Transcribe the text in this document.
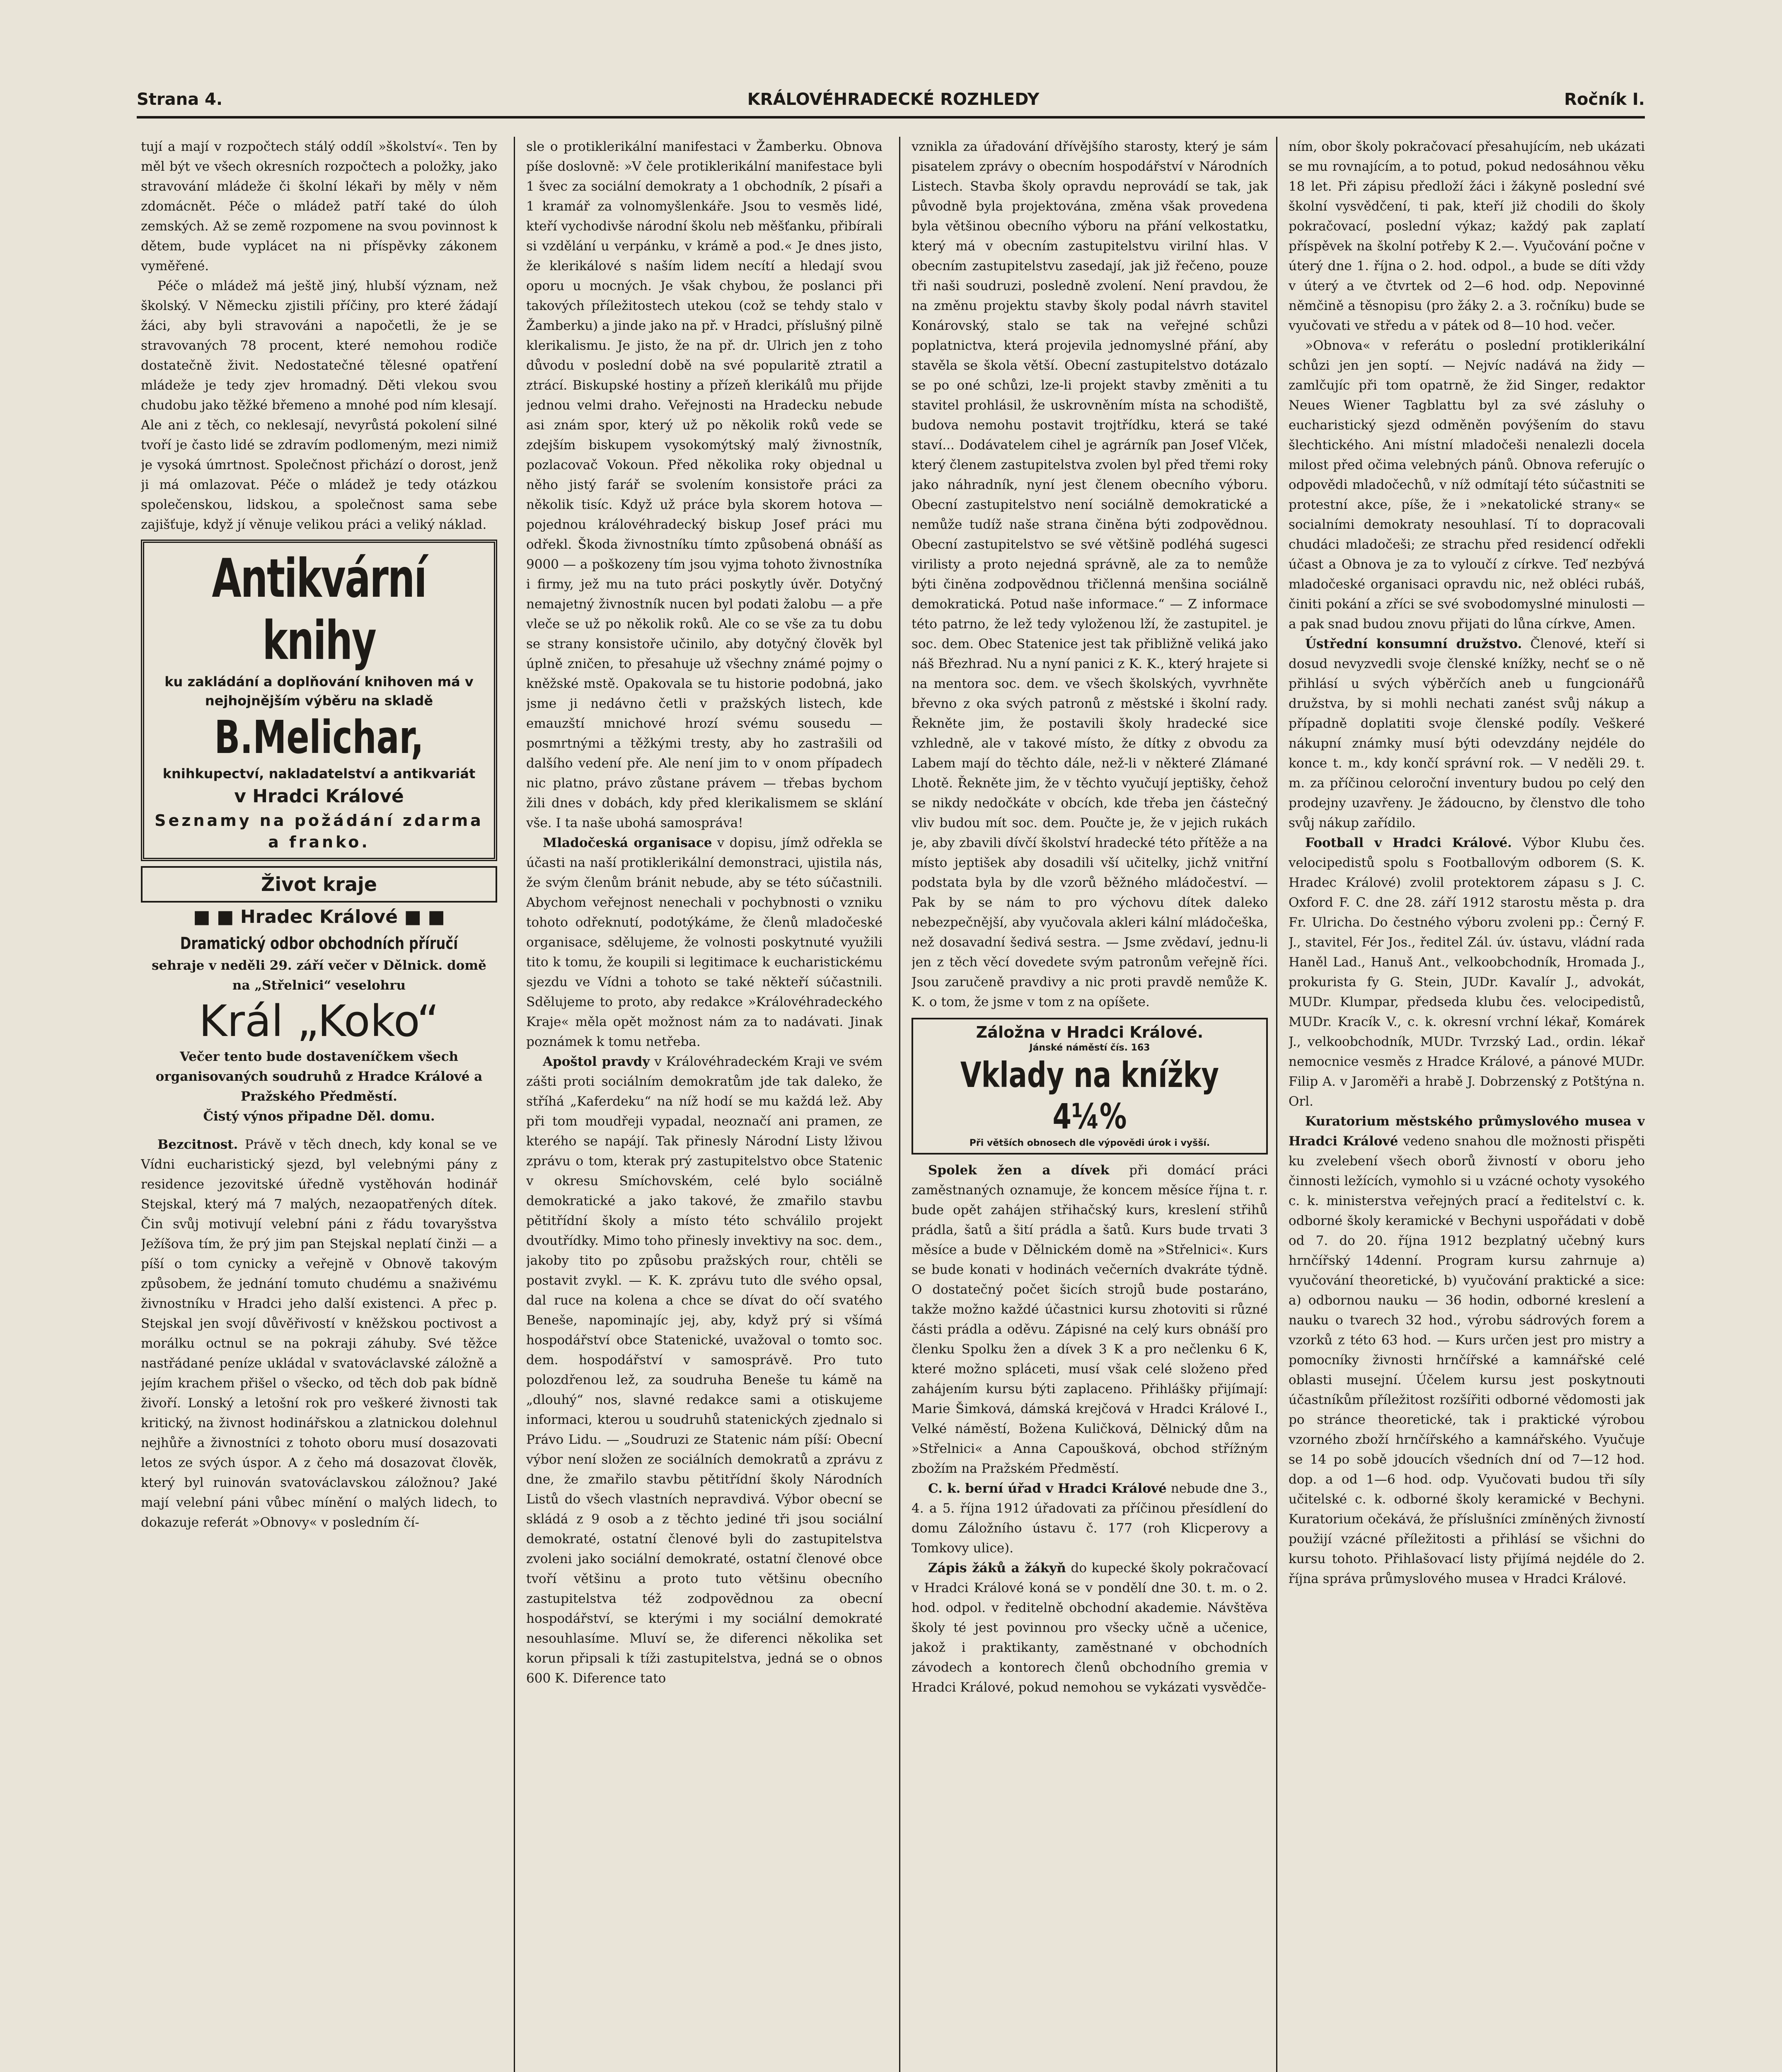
Strana 4.	KRÁLOVÉHRADECKÉ ROZHLEDY	Ročník I.

tují a mají v rozpočtech stálý oddíl »školství«. Ten by měl být ve všech okresních rozpočtech a položky, jako stravování mládeže či školní lékaři by měly v něm zdomácnět. Péče o mládež patří také do úloh zemských. Až se země rozpomene na svou povinnost k dětem, bude vyplácet na ni příspěvky zákonem vyměřené.

Péče o mládež má ještě jiný, hlubší význam, než školský. V Německu zjistili příčiny, pro které žádají žáci, aby byli stravováni a napočetli, že je se stravovaných 78 procent, které nemohou rodiče dostatečně živit. Nedostatečné tělesné opatření mládeže je tedy zjev hromadný. Děti vlekou svou chudobu jako těžké břemeno a mnohé pod ním klesají. Ale ani z těch, co neklesají, nevyrůstá pokolení silné tvoří je často lidé se zdravím podlomeným, mezi nimiž je vysoká úmrtnost. Společnost přichází o dorost, jenž ji má omlazovat. Péče o mládež je tedy otázkou společenskou, lidskou, a společnost sama sebe zajišťuje, když jí věnuje velikou práci a veliký náklad.

Antikvární
knihy
ku zakládání a doplňování knihoven má v nejhojnějším výběru na skladě
B.Melichar,
knihkupectví, nakladatelství a antikvariát
v Hradci Králové
Seznamy na požádání zdarma a franko.
Život kraje
■ ■ Hradec Králové ■ ■
Dramatický odbor obchodních příručí
sehraje v neděli 29. září večer v Dělnick. domě na „Střelnici“ veselohru
Král „Koko“
Večer tento bude dostaveníčkem všech organisovaných soudruhů z Hradce Králové a Pražského Předměstí.
Čistý výnos připadne Děl. domu.

Bezcitnost. Právě v těch dnech, kdy konal se ve Vídni eucharistický sjezd, byl velebnými pány z residence jezovitské úředně vystěhován hodinář Stejskal, který má 7 malých, nezaopatřených dítek. Čin svůj motivují velební páni z řádu tovaryšstva Ježíšova tím, že prý jim pan Stejskal neplatí činži — a píší o tom cynicky a veřejně v Obnově takovým způsobem, že jednání tomuto chudému a snaživému živnostníku v Hradci jeho další existenci. A přec p. Stejskal jen svojí důvěřivostí v kněžskou poctivost a morálku octnul se na pokraji záhuby. Své těžce nastřádané peníze ukládal v svatováclavské záložně a jejím krachem přišel o všecko, od těch dob pak bídně živoří. Lonský a letošní rok pro veškeré živnosti tak kritický, na živnost hodinářskou a zlatnickou dolehnul nejhůře a živnostníci z tohoto oboru musí dosazovati letos ze svých úspor. A z čeho má dosazovat člověk, který byl ruinován svatováclavskou záložnou? Jaké mají velební páni vůbec mínění o malých lidech, to dokazuje referát »Obnovy« v posledním čí-

sle o protiklerikální manifestaci v Žamberku. Obnova píše doslovně: »V čele protiklerikální manifestace byli 1 švec za sociální demokraty a 1 obchodník, 2 písaři a 1 kramář za volnomyšlenkáře. Jsou to vesměs lidé, kteří vychodivše národní školu neb měšťanku, přibírali si vzdělání u verpánku, v krámě a pod.« Je dnes jisto, že klerikálové s naším lidem necítí a hledají svou oporu u mocných. Je však chybou, že poslanci při takových příležitostech utekou (což se tehdy stalo v Žamberku) a jinde jako na př. v Hradci, příslušný pilně klerikalismu. Je jisto, že na př. dr. Ulrich jen z toho důvodu v poslední době na své popularitě ztratil a ztrácí. Biskupské hostiny a přízeň klerikálů mu přijde jednou velmi draho. Veřejnosti na Hradecku nebude asi znám spor, který už po několik roků vede se zdejším biskupem vysokomýtský malý živnostník, pozlacovač Vokoun. Před několika roky objednal u něho jistý farář se svolením konsistoře práci za několik tisíc. Když už práce byla skorem hotova — pojednou královéhradecký biskup Josef práci mu odřekl. Škoda živnostníku tímto způsobená obnáší as 9000 — a poškozeny tím jsou vyjma tohoto živnostníka i firmy, jež mu na tuto práci poskytly úvěr. Dotyčný nemajetný živnostník nucen byl podati žalobu — a pře vleče se už po několik roků. Ale co se vše za tu dobu se strany konsistoře učinilo, aby dotyčný člověk byl úplně zničen, to přesahuje už všechny známé pojmy o kněžské mstě. Opakovala se tu historie podobná, jako jsme ji nedávno četli v pražských listech, kde emauzští mnichové hrozí svému sousedu — posmrtnými a těžkými tresty, aby ho zastrašili od dalšího vedení pře. Ale není jim to v onom případech nic platno, právo zůstane právem — třebas bychom žili dnes v dobách, kdy před klerikalismem se sklání vše. I ta naše ubohá samospráva!

Mladočeská organisace v dopisu, jímž odřekla se účasti na naší protiklerikální demonstraci, ujistila nás, že svým členům bránit nebude, aby se této súčastnili. Abychom veřejnost nenechali v pochybnosti o vzniku tohoto odřeknutí, podotýkáme, že členů mladočeské organisace, sdělujeme, že volnosti poskytnuté využili tito k tomu, že koupili si legitimace k eucharistickému sjezdu ve Vídni a tohoto se také někteří súčastnili. Sdělujeme to proto, aby redakce »Královéhradeckého Kraje« měla opět možnost nám za to nadávati. Jinak poznámek k tomu netřeba.

Apoštol pravdy v Královéhradeckém Kraji ve svém zášti proti sociálním demokratům jde tak daleko, že stříhá „Kaferdeku“ na níž hodí se mu každá lež. Aby při tom moudřeji vypadal, neoznačí ani pramen, ze kterého se napájí. Tak přinesly Národní Listy lživou zprávu o tom, kterak prý zastupitelstvo obce Statenic v okresu Smíchovském, celé bylo sociálně demokratické a jako takové, že zmařilo stavbu pětitřídní školy a místo této schválilo projekt dvoutřídky. Mimo toho přinesly invektivy na soc. dem., jakoby tito po způsobu pražských rour, chtěli se postavit zvykl. — K. K. zprávu tuto dle svého opsal, dal ruce na kolena a chce se dívat do očí svatého Beneše, napominajíc jej, aby, když prý si všímá hospodářství obce Statenické, uvažoval o tomto soc. dem. hospodářství v samosprávě. Pro tuto polozdřenou lež, za soudruha Beneše tu kámě na „dlouhý“ nos, slavné redakce sami a otiskujeme informaci, kterou u soudruhů statenických zjednalo si Právo Lidu. — „Soudruzi ze Statenic nám píší: Obecní výbor není složen ze sociálních demokratů a zprávu z dne, že zmařilo stavbu pětitřídní školy Národních Listů do všech vlastních nepravdivá. Výbor obecní se skládá z 9 osob a z těchto jediné tři jsou sociální demokraté, ostatní členové byli do zastupitelstva zvoleni jako sociální demokraté, ostatní členové obce tvoří většinu a proto tuto většinu obecního zastupitelstva též zodpovědnou za obecní hospodářství, se kterými i my sociální demokraté nesouhlasíme. Mluví se, že diferenci několika set korun připsali k tíži zastupitelstva, jedná se o obnos 600 K. Diference tato

vznikla za úřadování dřívějšího starosty, který je sám pisatelem zprávy o obecním hospodářství v Národních Listech. Stavba školy opravdu neprovádí se tak, jak původně byla projektována, změna však provedena byla většinou obecního výboru na přání velkostatku, který má v obecním zastupitelstvu virilní hlas. V obecním zastupitelstvu zasedají, jak již řečeno, pouze tři naši soudruzi, posledně zvolení. Není pravdou, že na změnu projektu stavby školy podal návrh stavitel Konárovský, stalo se tak na veřejné schůzi poplatnictva, která projevila jednomyslné přání, aby stavěla se škola větší. Obecní zastupitelstvo dotázalo se po oné schůzi, lze-li projekt stavby změniti a tu stavitel prohlásil, že uskrovněním místa na schodiště, budova nemohu postavit trojtřídku, která se také staví... Dodávatelem cihel je agrárník pan Josef Vlček, který členem zastupitelstva zvolen byl před třemi roky jako náhradník, nyní jest členem obecního výboru. Obecní zastupitelstvo není sociálně demokratické a nemůže tudíž naše strana činěna býti zodpovědnou. Obecní zastupitelstvo se své většině podléhá sugesci virilisty a proto nejedná správně, ale za to nemůže býti činěna zodpovědnou třičlenná menšina sociálně demokratická. Potud naše informace.“ — Z informace této patrno, že lež tedy vyloženou lží, že zastupitel. je soc. dem. Obec Statenice jest tak přibližně veliká jako náš Březhrad. Nu a nyní panici z K. K., který hrajete si na mentora soc. dem. ve všech školských, vyvrhněte břevno z oka svých patronů z městské i školní rady. Řekněte jim, že postavili školy hradecké sice vzhledně, ale v takové místo, že dítky z obvodu za Labem mají do těchto dále, než-li v některé Zlámané Lhotě. Řekněte jim, že v těchto vyučují jeptišky, čehož se nikdy nedočkáte v obcích, kde třeba jen částečný vliv budou mít soc. dem. Poučte je, že v jejich rukách je, aby zbavili dívčí školství hradecké této přítěže a na místo jeptišek aby dosadili vší učitelky, jichž vnitřní podstata byla by dle vzorů běžného mládočeství. — Pak by se nám to pro výchovu dítek daleko nebezpečnější, aby vyučovala akleri kální mládočeška, než dosavadní šedivá sestra. — Jsme zvědaví, jednu-li jen z těch věcí dovedete svým patronům veřejně říci. Jsou zaručeně pravdivy a nic proti pravdě nemůže K. K. o tom, že jsme v tom z na opíšete.

Záložna v Hradci Králové.
Jánské náměstí čís. 163
Vklady na knížky 4¼%
Při větších obnosech dle výpovědi úrok i vyšší.

Spolek žen a dívek při domácí práci zaměstnaných oznamuje, že koncem měsíce října t. r. bude opět zahájen střihačský kurs, kreslení střihů prádla, šatů a šití prádla a šatů. Kurs bude trvati 3 měsíce a bude v Dělnickém domě na »Střelnici«. Kurs se bude konati v hodinách večerních dvakráte týdně. O dostatečný počet šicích strojů bude postaráno, takže možno každé účastnici kursu zhotoviti si různé části prádla a oděvu. Zápisné na celý kurs obnáší pro členku Spolku žen a dívek 3 K a pro nečlenku 6 K, které možno spláceti, musí však celé složeno před zahájením kursu býti zaplaceno. Přihlášky přijímají: Marie Šimková, dámská krejčová v Hradci Králové I., Velké náměstí, Božena Kuličková, Dělnický dům na »Střelnici« a Anna Capoušková, obchod střížným zbožím na Pražském Předměstí.

C. k. berní úřad v Hradci Králové nebude dne 3., 4. a 5. října 1912 úřadovati za příčinou přesídlení do domu Záložního ústavu č. 177 (roh Klicperovy a Tomkovy ulice).

Zápis žáků a žákyň do kupecké školy pokračovací v Hradci Králové koná se v pondělí dne 30. t. m. o 2. hod. odpol. v ředitelně obchodní akademie. Návštěva školy té jest povinnou pro všecky učně a učenice, jakož i praktikanty, zaměstnané v obchodních závodech a kontorech členů obchodního gremia v Hradci Králové, pokud nemohou se vykázati vysvědče-

ním, obor školy pokračovací přesahujícím, neb ukázati se mu rovnajícím, a to potud, pokud nedosáhnou věku 18 let. Při zápisu předloží žáci i žákyně poslední své školní vysvědčení, ti pak, kteří již chodili do školy pokračovací, poslední výkaz; každý pak zaplatí příspěvek na školní potřeby K 2.—. Vyučování počne v úterý dne 1. října o 2. hod. odpol., a bude se díti vždy v úterý a ve čtvrtek od 2—6 hod. odp. Nepovinné němčině a těsnopisu (pro žáky 2. a 3. ročníku) bude se vyučovati ve středu a v pátek od 8—10 hod. večer.

»Obnova« v referátu o poslední protiklerikální schůzi jen jen soptí. — Nejvíc nadává na židy — zamlčujíc při tom opatrně, že žid Singer, redaktor Neues Wiener Tagblattu byl za své zásluhy o eucharistický sjezd odměněn povýšením do stavu šlechtického. Ani místní mladočeši nenalezli docela milost před očima velebných pánů. Obnova referujíc o odpovědi mladočechů, v níž odmítají této súčastniti se protestní akce, píše, že i »nekatolické strany« se socialními demokraty nesouhlasí. Tí to dopracovali chudáci mladočeši; ze strachu před residencí odřekli účast a Obnova je za to vyloučí z církve. Teď nezbývá mladočeské organisaci opravdu nic, než obléci rubáš, činiti pokání a zříci se své svobodomyslné minulosti — a pak snad budou znovu přijati do lůna církve, Amen.

Ústřední konsumní družstvo. Členové, kteří si dosud nevyzvedli svoje členské knížky, nechť se o ně přihlásí u svých výběrčích aneb u fungcionářů družstva, by si mohli nechati zanést svůj nákup a případně doplatiti svoje členské podíly. Veškeré nákupní známky musí býti odevzdány nejdéle do konce t. m., kdy končí správní rok. — V neděli 29. t. m. za příčinou celoroční inventury budou po celý den prodejny uzavřeny. Je žádoucno, by členstvo dle toho svůj nákup zařídilo.

Football v Hradci Králové. Výbor Klubu čes. velocipedistů spolu s Footballovým odborem (S. K. Hradec Králové) zvolil protektorem zápasu s J. C. Oxford F. C. dne 28. září 1912 starostu města p. dra Fr. Ulricha. Do čestného výboru zvoleni pp.: Černý F. J., stavitel, Fér Jos., ředitel Zál. úv. ústavu, vládní rada Haněl Lad., Hanuš Ant., velkoobchodník, Hromada J., prokurista fy G. Stein, JUDr. Kavalír J., advokát, MUDr. Klumpar, předseda klubu čes. velocipedistů, MUDr. Kracík V., c. k. okresní vrchní lékař, Komárek J., velkoobchodník, MUDr. Tvrzský Lad., ordin. lékař nemocnice vesměs z Hradce Králové, a pánové MUDr. Filip A. v Jaroměři a hrabě J. Dobrzenský z Potštýna n. Orl.

Kuratorium městského průmyslového musea v Hradci Králové vedeno snahou dle možnosti přispěti ku zvelebení všech oborů živností v oboru jeho činnosti ležících, vymohlo si u vzácné ochoty vysokého c. k. ministerstva veřejných prací a ředitelství c. k. odborné školy keramické v Bechyni uspořádati v době od 7. do 20. října 1912 bezplatný učebný kurs hrnčířský 14denní. Program kursu zahrnuje a) vyučování theoretické, b) vyučování praktické a sice: a) odbornou nauku — 36 hodin, odborné kreslení a nauku o tvarech 32 hod., výrobu sádrových forem a vzorků z této 63 hod. — Kurs určen jest pro mistry a pomocníky živnosti hrnčířské a kamnářské celé oblasti musejní. Účelem kursu jest poskytnouti účastníkům příležitost rozšířiti odborné vědomosti jak po stránce theoretické, tak i praktické výrobou vzorného zboží hrnčířského a kamnářského. Vyučuje se 14 po sobě jdoucích všedních dní od 7—12 hod. dop. a od 1—6 hod. odp. Vyučovati budou tři síly učitelské c. k. odborné školy keramické v Bechyni. Kuratorium očekává, že příslušníci zmíněných živností použijí vzácné příležitosti a přihlásí se všichni do kursu tohoto. Přihlašovací listy přijímá nejdéle do 2. října správa průmyslového musea v Hradci Králové.
